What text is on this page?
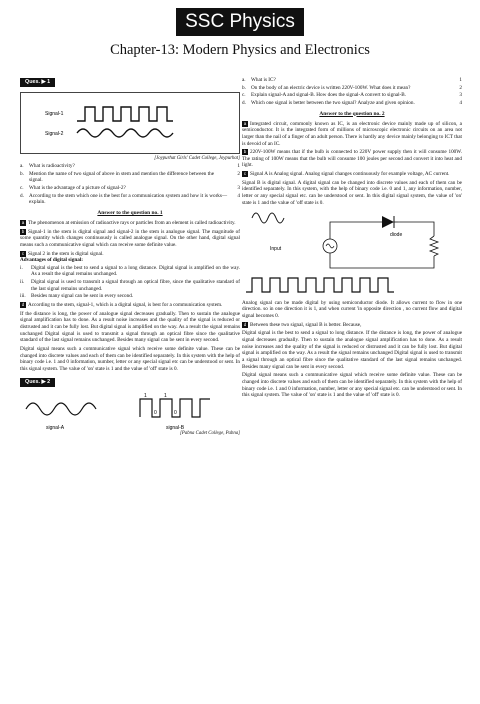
SSC Physics
Chapter-13: Modern Physics and Electronics
Ques. ▶ 1
Signal-1
Signal-2
[Joypurhat Girls' Cadet College, Joypurhat]
a.	What is radioactivity?	1
b. Mention the name of two signal of above in stem and mention the difference between the signal.
2
c.	What is the advantage of a picture of signal-2?	3
d. According to the stem which one is the best for a communication system and how it is works— explain.
4
Answer to the question no. 1
a The phenomenon at emission of radioactive rays or particles from an element is called radioactivity.
b Signal-1 in the stem is digital signal and signal-2 in the stem is analogue signal. The magnitude of some quantity which changes continuously is called analogue signal. On the other hand, digital signal means such a communicative signal which can receive some definite value.
c Signal 2 in the stem is digital signal.
Advantages of digital signal:
i.	Digital signal is the best to send a signal to a long distance. Digital signal is amplified on the way. As a result the signal remains unchanged.
ii.	Digital signal is used to transmit a signal through an optical fibre, since the qualitative standard of the last signal remains unchanged.
iii.	Besides many signal can be sent in every second.
d According to the stem, signal-1, which is a digital signal, is best for a communication system.
If the distance is long, the power of analogue signal decreases gradually. Then to sustain the analogue signal amplification has to done. As a result noise increases and the quality of the signal is reduced or distrusted and it can be fully lost. But digital signal is amplified on the way. As a result the signal remains unchanged Digital signal is used to transmit a signal through an optical fibre since the qualitative standard of the last signal remains unchanged. Besides many signal can be sent in every second.
Digital signal means such a communicative signal which receive some definite value. These can be changed into discrete values and each of them can be identified separately. In this system with the help of binary code i.e. 1 and 0 information, number, letter or any special signal etc can be understood or sent. In this signal system. The value of 'on' state is 1 and the value of 'off' state is 0.
Ques. ▶ 2
signal-A
1	1
0	0
signal-B
[Pabna Cadet College, Pabna]
a.	What is IC?	1
b. On the body of an electric device is written 220V-100W. What does it mean?	2
c.	Explain signal-A and signal-B. How does the signal-A convert to signal-B.	3
d. Which one signal is better between the two signal? Analyze and given opinion.	4
Answer to the question no. 2
a Integrated circuit, commonly known as IC, is an electronic device mainly made up of silicon, a semiconductor. It is the integrated form of millions of microscopic electronic circuits on an area not larger than the nail of a finger of an adult person. There is hardly any device mainly belonging to ICT that is devoid of an IC.
b 220V-100W means that if the bulb is connected to 220V power supply then it will consume 100W. The rating of 100W means that the bulb will consume 100 joules per second and convert it into heat and light.
c Signal A is Analog signal. Analog signal changes continuously for example voltage, AC current.
Signal B is digital signal. A digital signal can be changed into discrete values and each of them can be identified separately. In this system, with the help of binary code i.e. 0 and 1, any information, number, letter or any special signal etc. can be understood or sent. In this digital signal system, the value of 'on' state is 1 and the value of 'off state is 0.
Input
diode

Analog signal can be made digital by using semiconductor diode. It allows current to flow in one direction. so in one direction it is 1, and when current 'in opposite direction , no current flow and digital signal becomes 0.
d Between these two signal, signal B is better. Because,
Digital signal is the best to send a signal to long distance. If the distance is long, the power of analogue signal decreases gradually. Then to sustain the analogue signal amplification has to done. As a result noise increases and the quality of the signal is reduced or distrusted and it can be fully lost. But digital signal is amplified on the way. As a result the signal remains unchanged Digital signal is used to transmit a signal through an optical fibre since the qualitative standard of the last signal remains unchanged. Besides many signal can be sent in every second.
Digital signal means such a communicative signal which receive some definite value. These can be changed into discrete values and each of them can be identified separately. In this system with the help of binary code i.e. 1 and 0 information, number, letter or any special signal etc. can be understood or sent. In this signal system. The value of 'on' state is 1 and the value of 'off' state is 0.
